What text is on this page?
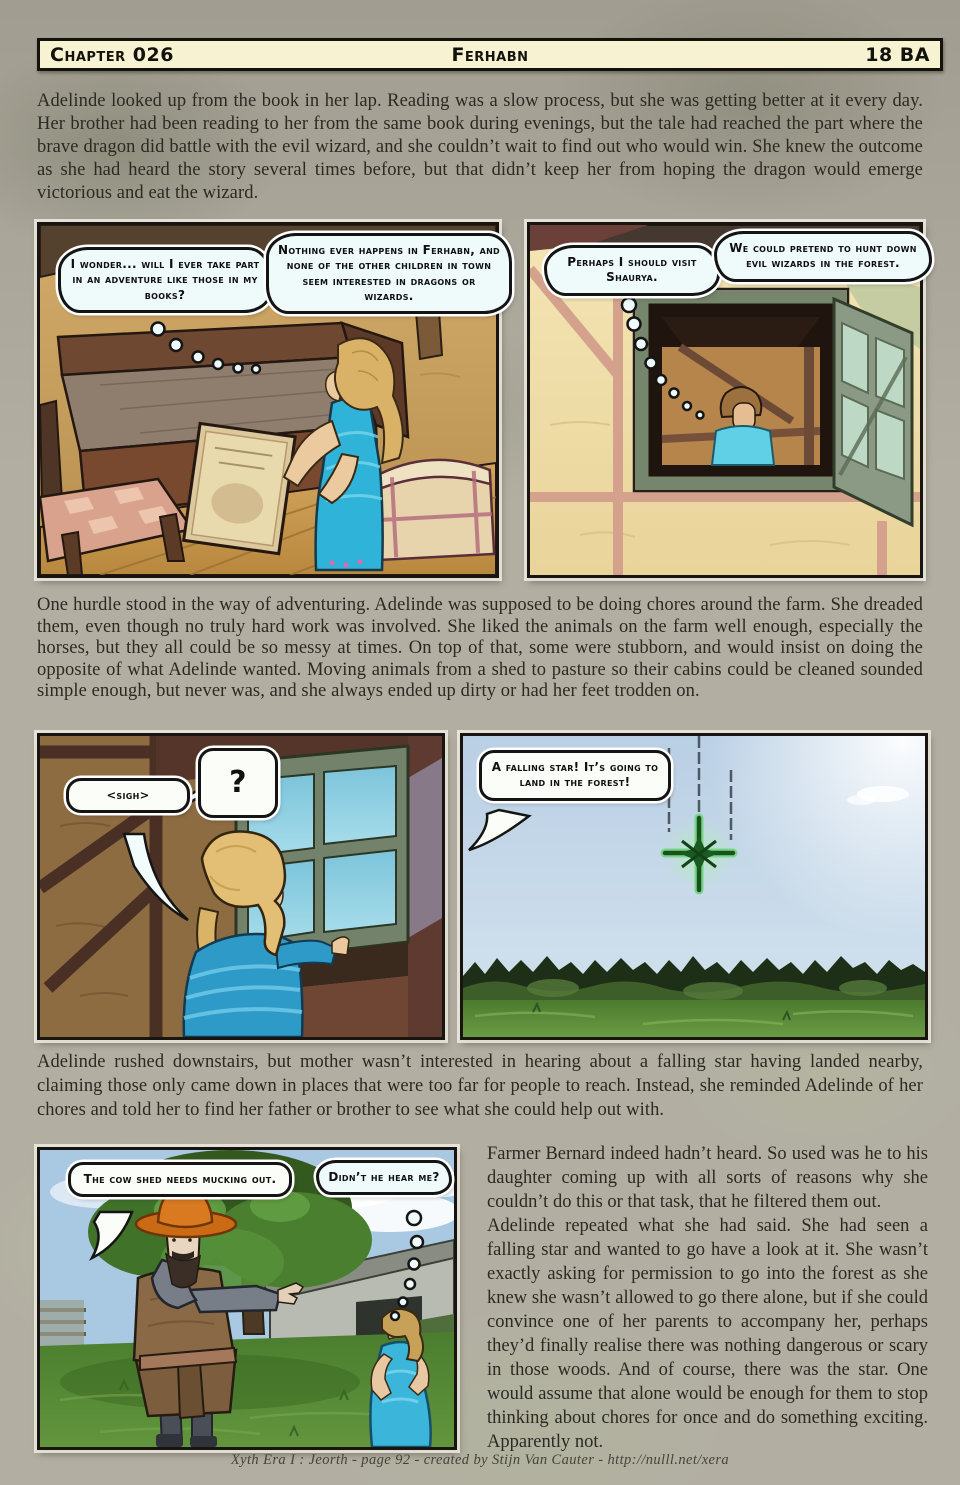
Chapter 026	Ferhabn	18 BA
Adelinde looked up from the book in her lap. Reading was a slow process, but she was getting better at it every day. Her brother had been reading to her from the same book during evenings, but the tale had reached the part where the brave dragon did battle with the evil wizard, and she couldn’t wait to find out who would win. She knew the outcome as she had heard the story several times before, but that didn’t keep her from hoping the dragon would emerge victorious and eat the wizard.
I wonder... will I ever take part in an adventure like those in my books?
Nothing ever happens in Ferhabn, and none of the other children in town seem interested in dragons or wizards.
Perhaps I should visit Shaurya.
We could pretend to hunt down evil wizards in the forest.
One hurdle stood in the way of adventuring. Adelinde was supposed to be doing chores around the farm. She dreaded them, even though no truly hard work was involved. She liked the animals on the farm well enough, especially the horses, but they all could be so messy at times. On top of that, some were stubborn, and would insist on doing the opposite of what Adelinde wanted. Moving animals from a shed to pasture so their cabins could be cleaned sounded simple enough, but never was, and she always ended up dirty or had her feet trodden on.
<sigh>	?	A falling star! It’s going to land in the forest!
Adelinde rushed downstairs, but mother wasn’t interested in hearing about a falling star having landed nearby, claiming those only came down in places that were too far for people to reach. Instead, she reminded Adelinde of her chores and told her to find her father or brother to see what she could help out with.
The cow shed needs mucking out.	Didn’t he hear me?
Farmer Bernard indeed hadn’t heard. So used was he to his daughter coming up with all sorts of reasons why she couldn’t do this or that task, that he filtered them out.
Adelinde repeated what she had said. She had seen a falling star and wanted to go have a look at it. She wasn’t exactly asking for permission to go into the forest as she knew she wasn’t allowed to go there alone, but if she could convince one of her parents to accompany her, perhaps they’d finally realise there was nothing dangerous or scary in those woods. And of course, there was the star. One would assume that alone would be enough for them to stop thinking about chores for once and do something exciting. Apparently not.
Xyth Era I : Jeorth - page 92 - created by Stijn Van Cauter - http://nulll.net/xera
